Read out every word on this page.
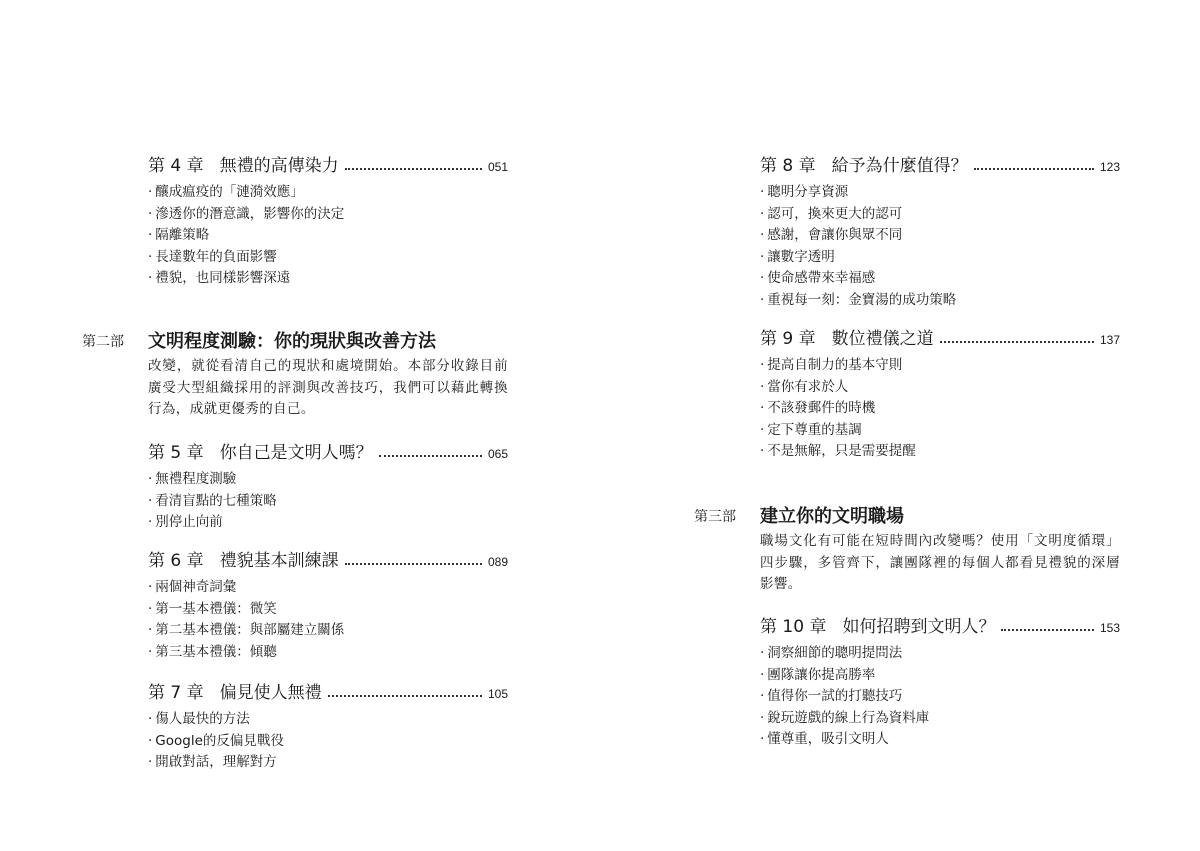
第 4 章 無禮的高傳染力	051
· 釀成瘟疫的「漣漪效應」
· 滲透你的潛意識，影響你的決定
· 隔離策略
· 長達數年的負面影響
· 禮貌，也同樣影響深遠
第二部 文明程度測驗：你的現狀與改善方法
改變，就從看清自己的現狀和處境開始。本部分收錄目前廣受大型組織採用的評測與改善技巧，我們可以藉此轉換行為，成就更優秀的自己。
第 5 章 你自己是文明人嗎？	065
· 無禮程度測驗
· 看清盲點的七種策略
· 別停止向前
第 6 章 禮貌基本訓練課	089
· 兩個神奇詞彙
· 第一基本禮儀：微笑
· 第二基本禮儀：與部屬建立關係
· 第三基本禮儀：傾聽
第 7 章 偏見使人無禮	105
· 傷人最快的方法
· Google的反偏見戰役
· 開啟對話，理解對方
第 8 章 給予為什麼值得？	123
· 聰明分享資源
· 認可，換來更大的認可
· 感謝，會讓你與眾不同
· 讓數字透明
· 使命感帶來幸福感
· 重視每一刻：金寶湯的成功策略
第 9 章 數位禮儀之道	137
· 提高自制力的基本守則
· 當你有求於人
· 不該發郵件的時機
· 定下尊重的基調
· 不是無解，只是需要提醒
第三部 建立你的文明職場
職場文化有可能在短時間內改變嗎？使用「文明度循環」四步驟，多管齊下，讓團隊裡的每個人都看見禮貌的深層影響。
第 10 章 如何招聘到文明人？	153
· 洞察細節的聰明提問法
· 團隊讓你提高勝率
· 值得你一試的打聽技巧
· 銳玩遊戲的線上行為資料庫
· 懂尊重，吸引文明人
